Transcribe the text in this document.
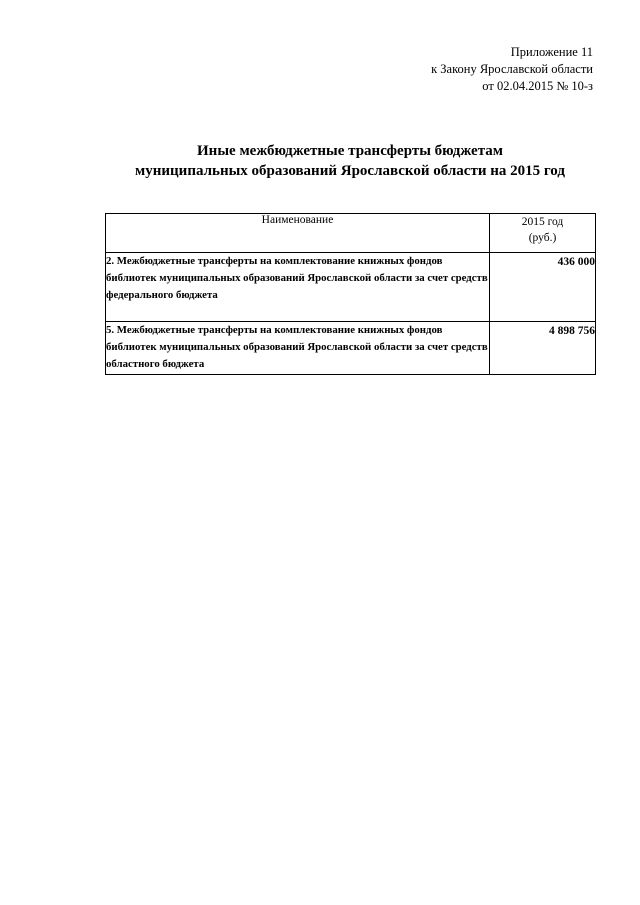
Приложение 11
к Закону Ярославской области
от 02.04.2015 № 10-з
Иные межбюджетные трансферты бюджетам
муниципальных образований Ярославской области на 2015 год
Наименование	2015 год
(руб.)

2. Межбюджетные трансферты на комплектование книжных фондов библиотек муниципальных образований Ярославской области за счет средств федерального бюджета	436 000
5. Межбюджетные трансферты на комплектование книжных фондов библиотек муниципальных образований Ярославской области за счет средств областного бюджета	4 898 756
